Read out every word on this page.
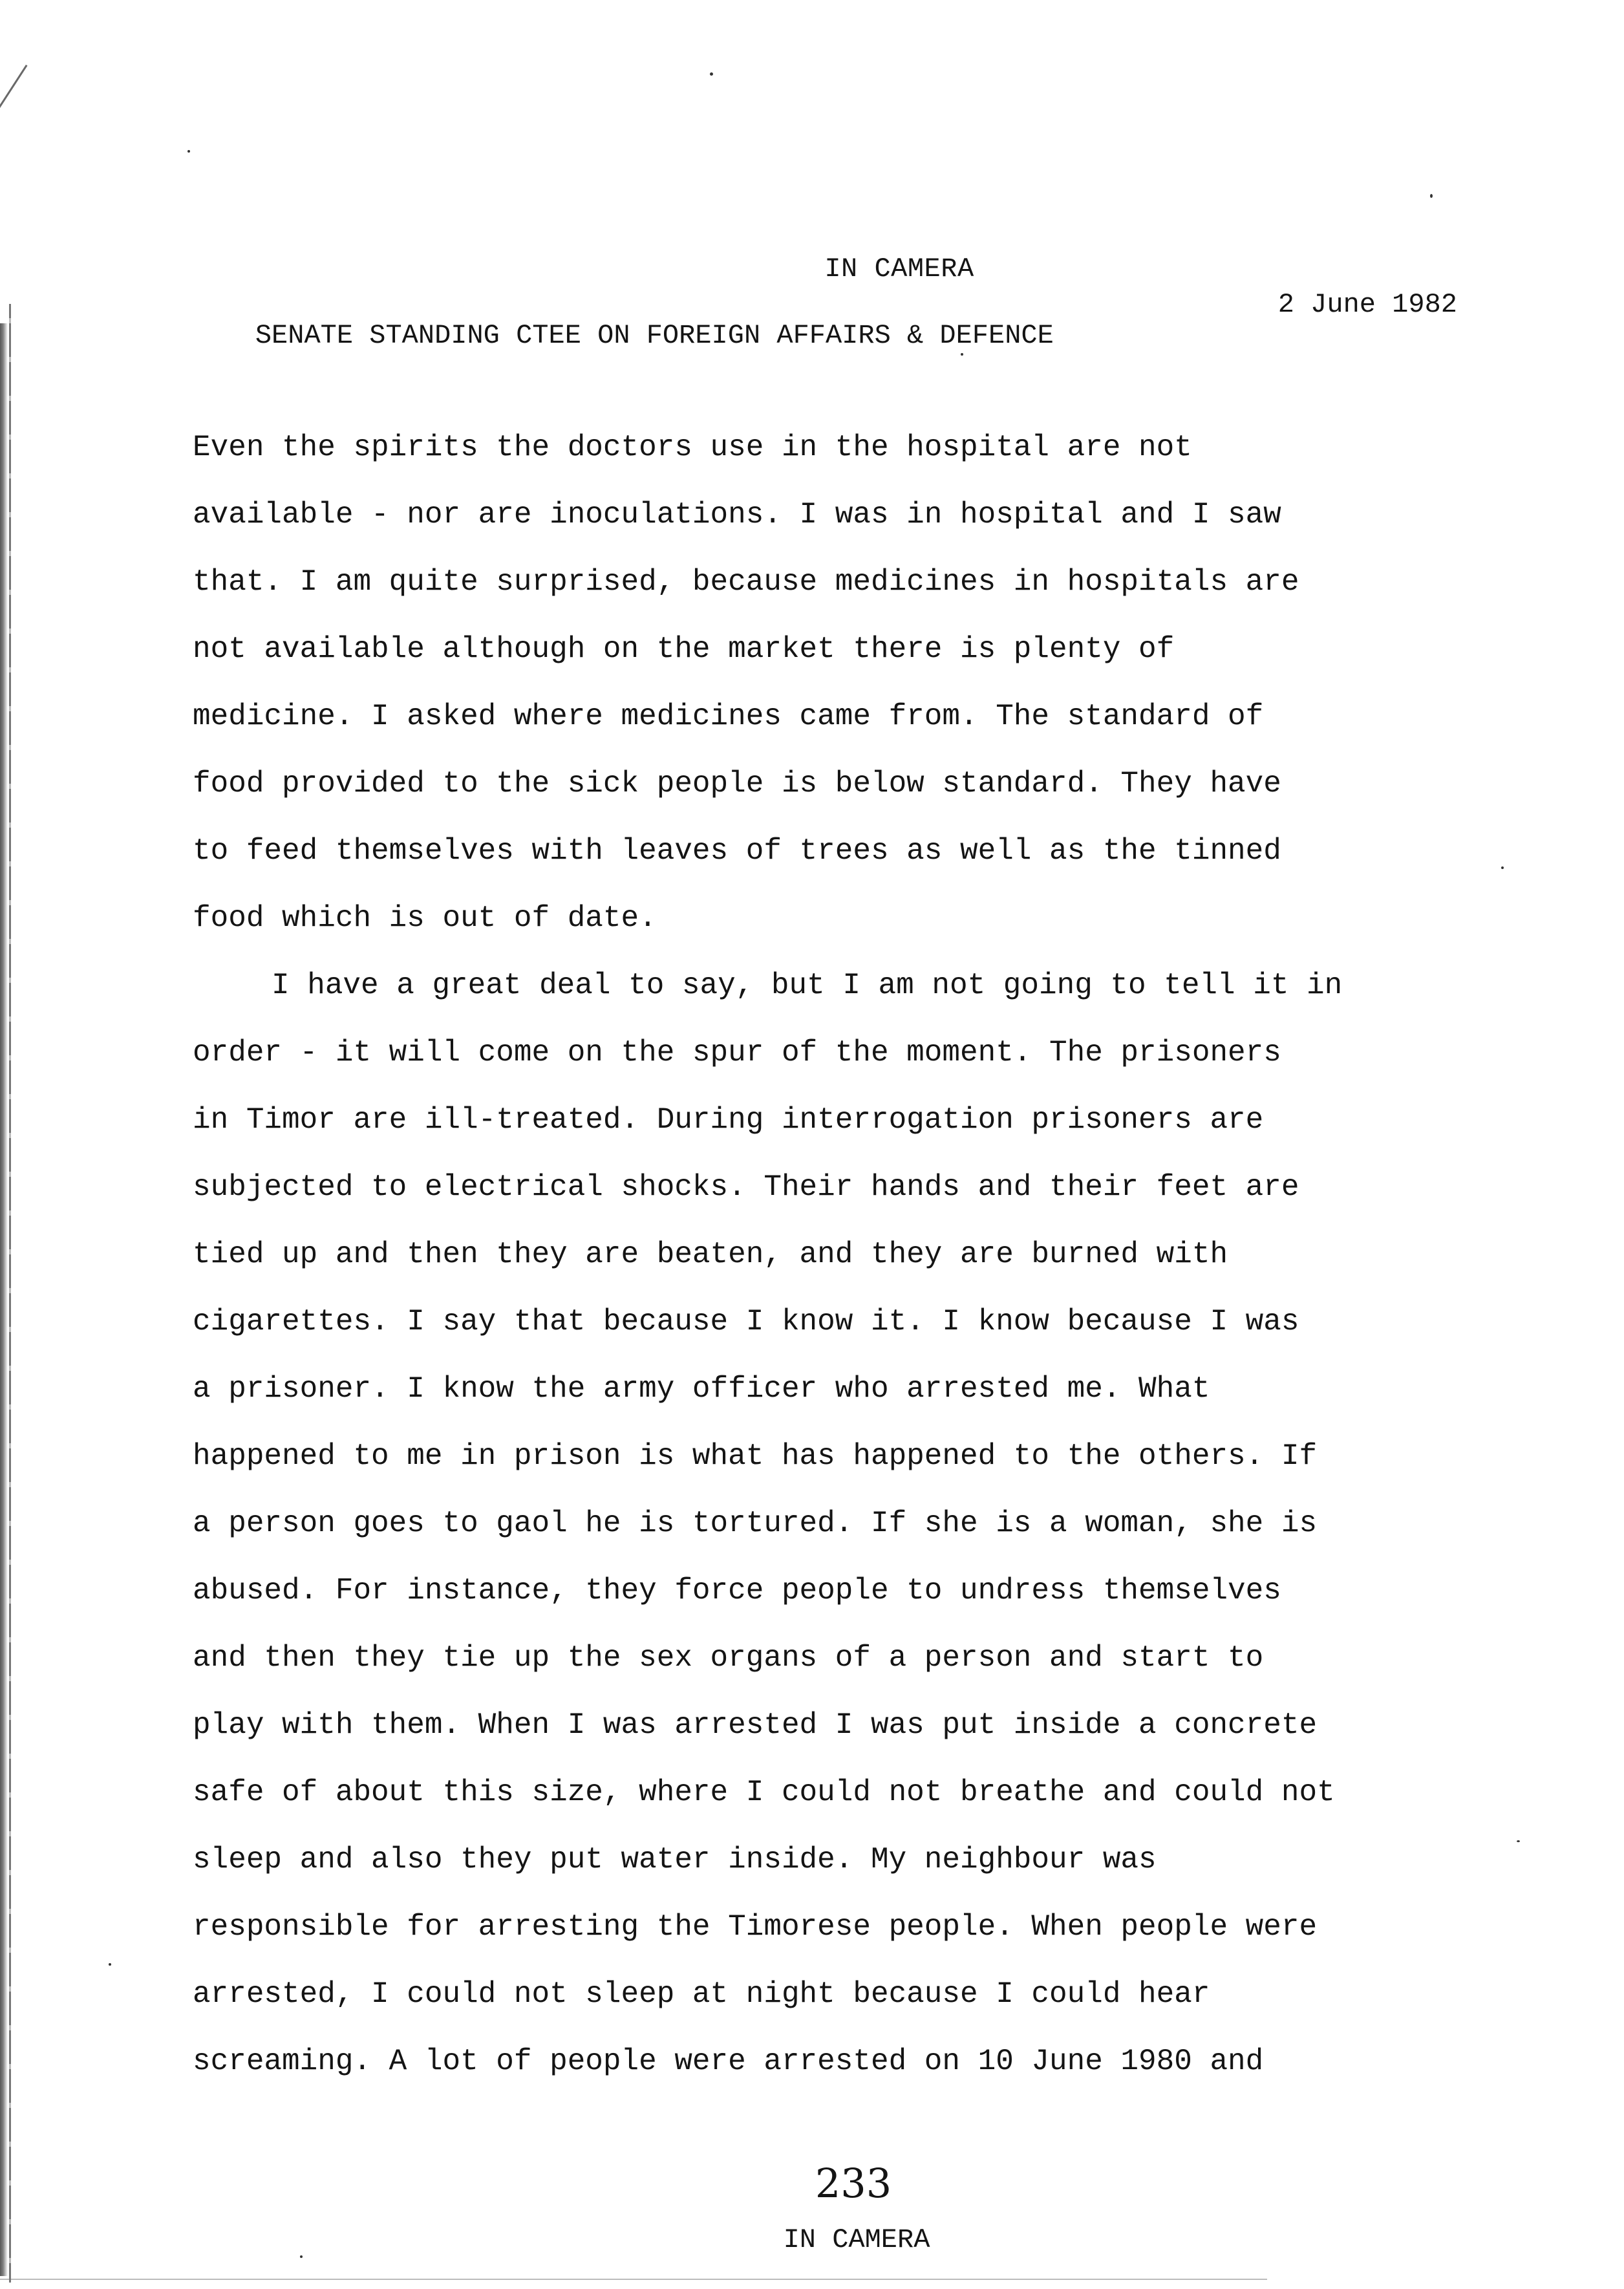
IN CAMERA

SENATE STANDING CTEE ON FOREIGN AFFAIRS & DEFENCE

2 June 1982

Even the spirits the doctors use in the hospital are not
available - nor are inoculations. I was in hospital and I saw
that. I am quite surprised, because medicines in hospitals are
not available although on the market there is plenty of
medicine. I asked where medicines came from. The standard of
food provided to the sick people is below standard. They have
to feed themselves with leaves of trees as well as the tinned
food which is out of date.

I have a great deal to say, but I am not going to tell it in
order - it will come on the spur of the moment. The prisoners
in Timor are ill-treated. During interrogation prisoners are
subjected to electrical shocks. Their hands and their feet are
tied up and then they are beaten, and they are burned with
cigarettes. I say that because I know it. I know because I was
a prisoner. I know the army officer who arrested me. What
happened to me in prison is what has happened to the others. If
a person goes to gaol he is tortured. If she is a woman, she is
abused. For instance, they force people to undress themselves
and then they tie up the sex organs of a person and start to
play with them. When I was arrested I was put inside a concrete
safe of about this size, where I could not breathe and could not
sleep and also they put water inside. My neighbour was
responsible for arresting the Timorese people. When people were
arrested, I could not sleep at night because I could hear
screaming. A lot of people were arrested on 10 June 1980 and

233
IN CAMERA
